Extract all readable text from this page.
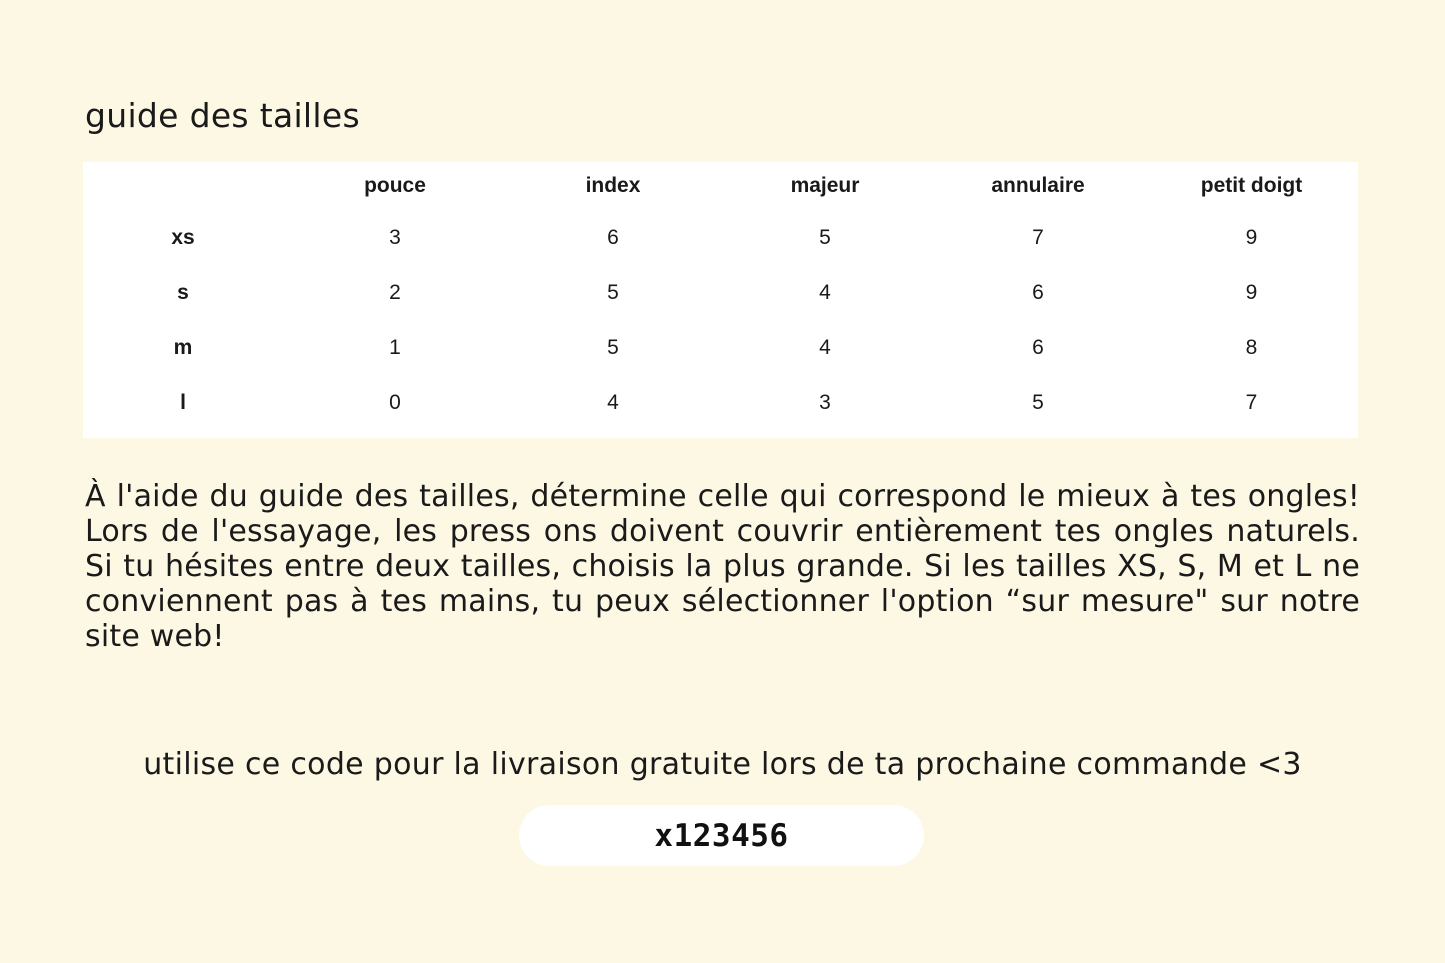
guide des tailles
	pouce	index	majeur	annulaire	petit doigt
xs	3	6	5	7	9
s	2	5	4	6	9
m	1	5	4	6	8
l	0	4	3	5	7

À l'aide du guide des tailles, détermine celle qui correspond le mieux à tes ongles! Lors de l'essayage, les press ons doivent couvrir entièrement tes ongles naturels. Si tu hésites entre deux tailles, choisis la plus grande. Si les tailles XS, S, M et L ne conviennent pas à tes mains, tu peux sélectionner l'option “sur mesure" sur notre site web!

utilise ce code pour la livraison gratuite lors de ta prochaine commande <3

x123456
